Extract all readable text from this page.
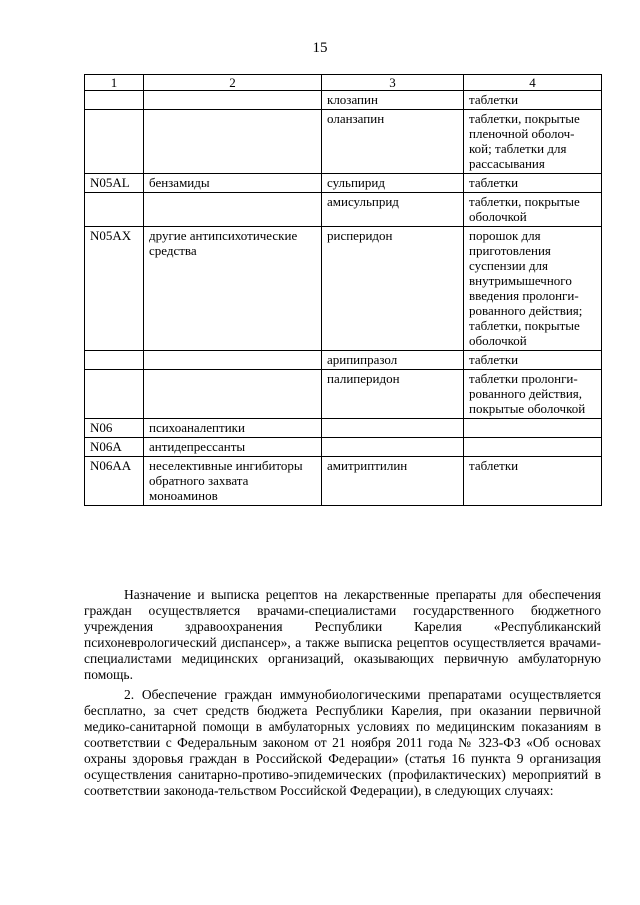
15
1	2	3	4
		клозапин	таблетки
		оланзапин	таблетки, покрытые пленочной оболоч- кой; таблетки для рассасывания
N05AL	бензамиды	сульпирид	таблетки
		амисульприд	таблетки, покрытые оболочкой
N05AX	другие антипсихотические средства	рисперидон	порошок для приготовления суспензии для внутримышечного введения пролонги- рованного действия; таблетки, покрытые оболочкой
		арипипразол	таблетки
		палиперидон	таблетки пролонги- рованного действия, покрытые оболочкой
N06	психоаналептики		
N06A	антидепрессанты		
N06AA	неселективные ингибиторы обратного захвата моноаминов	амитриптилин	таблетки

Назначение и выписка рецептов на лекарственные препараты для обеспечения граждан осуществляется врачами-специалистами государственного бюджетного учреждения здравоохранения Республики Карелия «Республиканский психоневрологический диспансер», а также выписка рецептов осуществляется врачами-специалистами медицинских организаций, оказывающих первичную амбулаторную помощь.

2. Обеспечение граждан иммунобиологическими препаратами осуществляется бесплатно, за счет средств бюджета Республики Карелия, при оказании первичной медико-санитарной помощи в амбулаторных условиях по медицинским показаниям в соответствии с Федеральным законом от 21 ноября 2011 года № 323-ФЗ «Об основах охраны здоровья граждан в Российской Федерации» (статья 16 пункта 9 организация осуществления санитарно-противо-эпидемических (профилактических) мероприятий в соответствии законода-тельством Российской Федерации), в следующих случаях:
